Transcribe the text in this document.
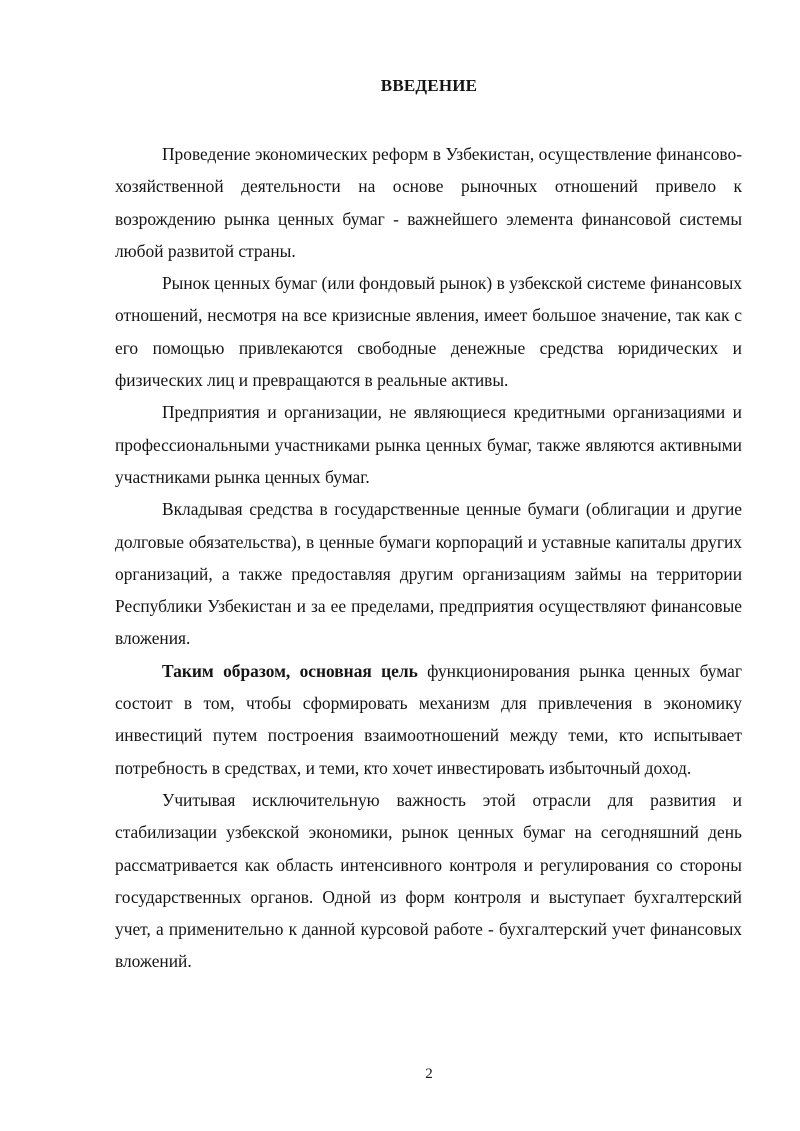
ВВЕДЕНИЕ

Проведение экономических реформ в Узбекистан, осуществление финансово-хозяйственной деятельности на основе рыночных отношений привело к возрождению рынка ценных бумаг - важнейшего элемента финансовой системы любой развитой страны.

Рынок ценных бумаг (или фондовый рынок) в узбекской системе финансовых отношений, несмотря на все кризисные явления, имеет большое значение, так как с его помощью привлекаются свободные денежные средства юридических и физических лиц и превращаются в реальные активы.

Предприятия и организации, не являющиеся кредитными организациями и профессиональными участниками рынка ценных бумаг, также являются активными участниками рынка ценных бумаг.

Вкладывая средства в государственные ценные бумаги (облигации и другие долговые обязательства), в ценные бумаги корпораций и уставные капиталы других организаций, а также предоставляя другим организациям займы на территории Республики Узбекистан и за ее пределами, предприятия осуществляют финансовые вложения.

Таким образом, основная цель функционирования рынка ценных бумаг состоит в том, чтобы сформировать механизм для привлечения в экономику инвестиций путем построения взаимоотношений между теми, кто испытывает потребность в средствах, и теми, кто хочет инвестировать избыточный доход.

Учитывая исключительную важность этой отрасли для развития и стабилизации узбекской экономики, рынок ценных бумаг на сегодняшний день рассматривается как область интенсивного контроля и регулирования со стороны государственных органов. Одной из форм контроля и выступает бухгалтерский учет, а применительно к данной курсовой работе - бухгалтерский учет финансовых вложений.

2
